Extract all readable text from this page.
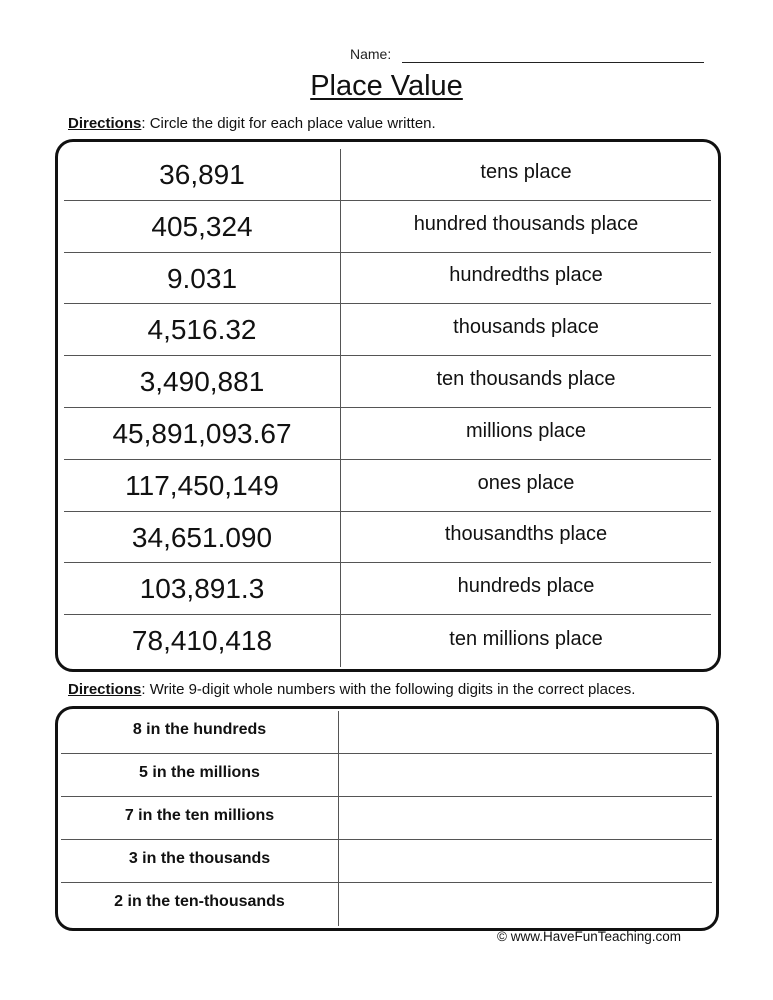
Name:
Place Value
Directions: Circle the digit for each place value written.
36,891	tens place
405,324	hundred thousands place
9.031	hundredths place
4,516.32	thousands place
3,490,881	ten thousands place
45,891,093.67	millions place
117,450,149	ones place
34,651.090	thousandths place
103,891.3	hundreds place
78,410,418	ten millions place
Directions: Write 9-digit whole numbers with the following digits in the correct places.
8 in the hundreds
5 in the millions
7 in the ten millions
3 in the thousands
2 in the ten-thousands
© www.HaveFunTeaching.com
